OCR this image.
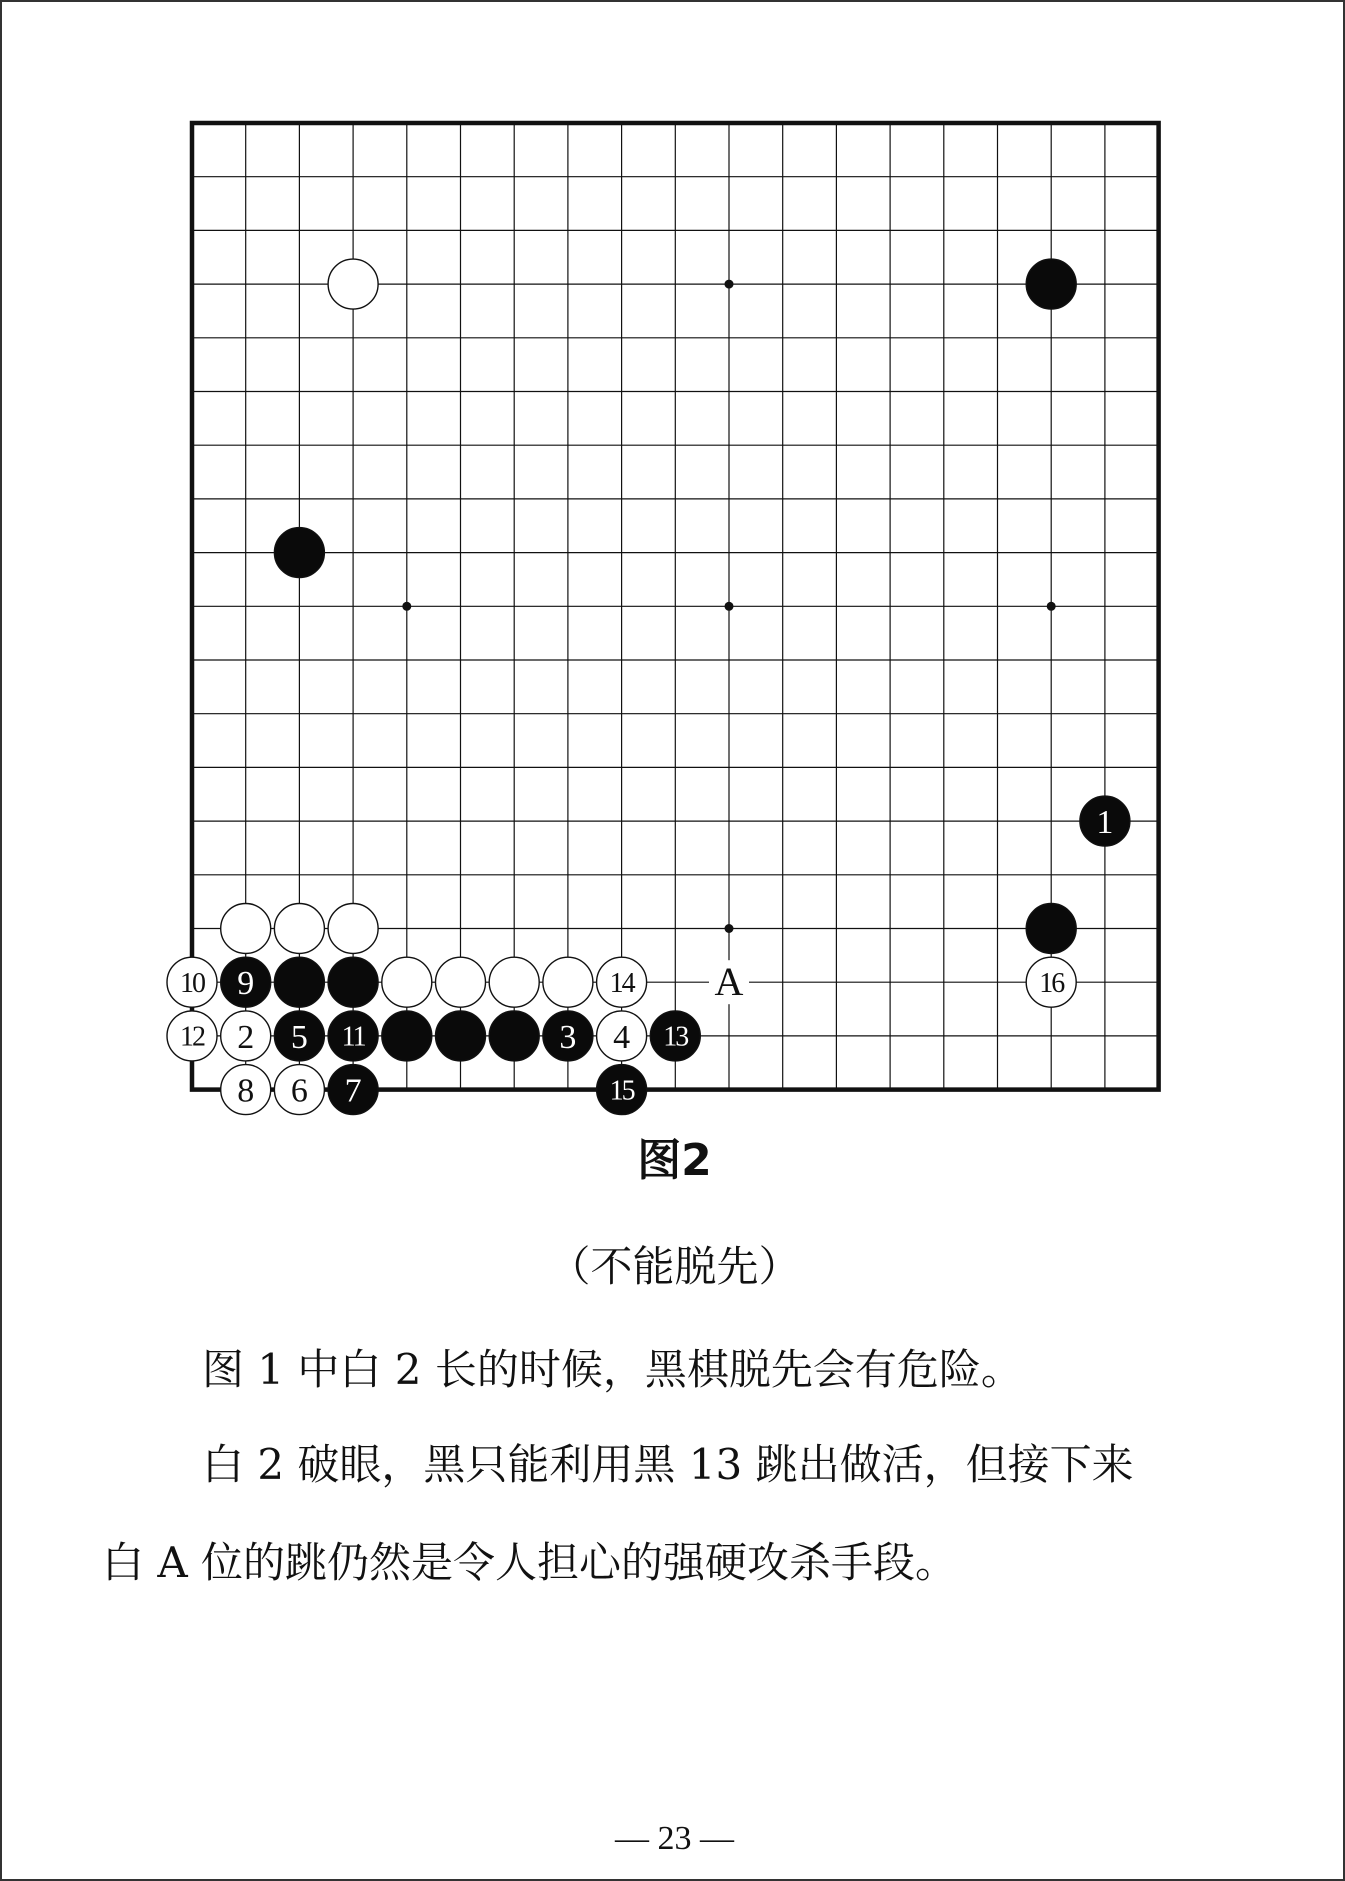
A
1
10 9	14	16
12 2 5 11	3 4 13
8 6 7	15
图2
（不能脱先）
图 1 中白 2 长的时候，黑棋脱先会有危险。
白 2 破眼，黑只能利用黑 13 跳出做活，但接下来
白 A 位的跳仍然是令人担心的强硬攻杀手段。
— 23 —
